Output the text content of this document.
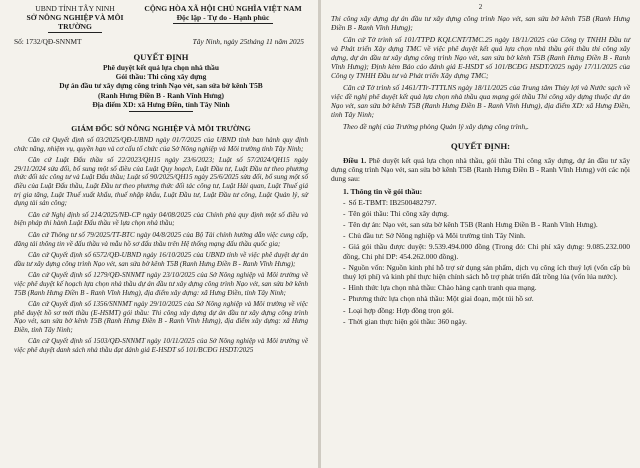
UBND TỈNH TÂY NINH
SỞ NÔNG NGHIỆP VÀ MÔI TRƯỜNG
CỘNG HÒA XÃ HỘI CHỦ NGHĨA VIỆT NAM
Độc lập - Tự do - Hạnh phúc
Số: 1732/QĐ-SNNMT	Tây Ninh, ngày 25tháng 11 năm 2025
QUYẾT ĐỊNH
Phê duyệt kết quả lựa chọn nhà thầu
Gói thầu: Thi công xây dựng
Dự án đầu tư xây dựng công trình Nạo vét, san sửa bờ kênh T5B
(Ranh Hưng Điền B - Ranh Vĩnh Hưng)
Địa điểm XD: xã Hưng Điền, tỉnh Tây Ninh
GIÁM ĐỐC SỞ NÔNG NGHIỆP VÀ MÔI TRƯỜNG

Căn cứ Quyết định số 03/2025/QĐ-UBND ngày 01/7/2025 của UBND tỉnh ban hành quy định chức năng, nhiệm vụ, quyền hạn và cơ cấu tổ chức của Sở Nông nghiệp và Môi trường tỉnh Tây Ninh;

Căn cứ Luật Đấu thầu số 22/2023/QH15 ngày 23/6/2023; Luật số 57/2024/QH15 ngày 29/11/2024 sửa đổi, bổ sung một số điều của Luật Quy hoạch, Luật Đầu tư, Luật Đầu tư theo phương thức đối tác công tư và Luật Đấu thầu; Luật số 90/2025/QH15 ngày 25/6/2025 sửa đổi, bổ sung một số điều của Luật Đấu thầu, Luật Đầu tư theo phương thức đối tác công tư, Luật Hải quan, Luật Thuế giá trị gia tăng, Luật Thuế xuất khẩu, thuế nhập khẩu, Luật Đầu tư, Luật Đầu tư công, Luật Quản lý, sử dụng tài sản công;

Căn cứ Nghị định số 214/2025/NĐ-CP ngày 04/08/2025 của Chính phủ quy định một số điều và biện pháp thi hành Luật Đấu thầu về lựa chọn nhà thầu;

Căn cứ Thông tư số 79/2025/TT-BTC ngày 04/8/2025 của Bộ Tài chính hướng dẫn việc cung cấp, đăng tải thông tin về đấu thầu và mẫu hồ sơ đấu thầu trên Hệ thống mạng đấu thầu quốc gia;

Căn cứ Quyết định số 6572/QĐ-UBND ngày 16/10/2025 của UBND tỉnh về việc phê duyệt dự án đầu tư xây dựng công trình Nạo vét, san sửa bờ kênh T5B (Ranh Hưng Điền B - Ranh Vĩnh Hưng);

Căn cứ Quyết định số 1279/QĐ-SNNMT ngày 23/10/2025 của Sở Nông nghiệp và Môi trường về việc phê duyệt kế hoạch lựa chọn nhà thầu dự án đầu tư xây dựng công trình Nạo vét, san sửa bờ kênh T5B (Ranh Hưng Điền B - Ranh Vĩnh Hưng), địa điểm xây dựng: xã Hưng Điền, tỉnh Tây Ninh;

Căn cứ Quyết định số 1356/SNNMT ngày 29/10/2025 của Sở Nông nghiệp và Môi trường về việc phê duyệt hồ sơ mời thầu (E-HSMT) gói thầu: Thi công xây dựng dự án đầu tư xây dựng công trình Nạo vét, san sửa bờ kênh T5B (Ranh Hưng Điền B - Ranh Vĩnh Hưng), địa điểm xây dựng: xã Hưng Điền, tỉnh Tây Ninh;

Căn cứ Quyết định số 1503/QĐ-SNNMT ngày 10/11/2025 của Sở Nông nghiệp và Môi trường về việc phê duyệt danh sách nhà thầu đạt đánh giá E-HSDT số 101/BCĐG HSDT/2025

2

Thi công xây dựng dự án đầu tư xây dựng công trình Nạo vét, san sửa bờ kênh T5B (Ranh Hưng Điền B - Ranh Vĩnh Hưng);

Căn cứ Tờ trình số 101/TTPD KQLCNT/TMC.25 ngày 18/11/2025 của Công ty TNHH Đầu tư và Phát triển Xây dựng TMC về việc phê duyệt kết quả lựa chọn nhà thầu gói thầu thi công xây dựng, dự án đầu tư xây dựng công trình Nạo vét, san sửa bờ kênh T5B (Ranh Hưng Điền B - Ranh Vĩnh Hưng); Định kèm Báo cáo đánh giá E-HSDT số 101/BCĐG HSDT/2025 ngày 17/11/2025 của Công ty TNHH Đầu tư và Phát triển Xây dựng TMC;

Căn cứ Tờ trình số 1461/TTr-TTTLNS ngày 18/11/2025 của Trung tâm Thủy lợi và Nước sạch về việc đề nghị phê duyệt kết quả lựa chọn nhà thầu qua mạng gói thầu Thi công xây dựng thuộc dự án Nạo vét, san sửa bờ kênh T5B (Ranh Hưng Điền B - Ranh Vĩnh Hưng), địa điểm XD: xã Hưng Điền, tỉnh Tây Ninh;

Theo đề nghị của Trưởng phòng Quản lý xây dựng công trình,.

QUYẾT ĐỊNH:

Điều 1. Phê duyệt kết quả lựa chọn nhà thầu, gói thầu Thi công xây dựng, dự án đầu tư xây dựng công trình Nạo vét, san sửa bờ kênh T5B (Ranh Hưng Điền B - Ranh Vĩnh Hưng) với các nội dung sau:

1. Thông tin về gói thầu:

- Số E-TBMT: IB2500482797.

- Tên gói thầu: Thi công xây dựng.

- Tên dự án: Nạo vét, san sửa bờ kênh T5B (Ranh Hưng Điền B - Ranh Vĩnh Hưng).

- Chủ đầu tư: Sở Nông nghiệp và Môi trường tỉnh Tây Ninh.

- Giá gói thầu được duyệt: 9.539.494.000 đồng (Trong đó: Chi phí xây dựng: 9.085.232.000 đồng, Chi phí DP: 454.262.000 đồng).

- Nguồn vốn: Nguồn kinh phí hỗ trợ sử dụng sản phẩm, dịch vụ công ích thuỷ lợi (vốn cấp bù thuỷ lợi phí) và kinh phí thực hiện chính sách hỗ trợ phát triển đất trồng lúa (vốn lúa nước).

- Hình thức lựa chọn nhà thầu: Chào hàng cạnh tranh qua mạng.

- Phương thức lựa chọn nhà thầu: Một giai đoạn, một túi hồ sơ.

- Loại hợp đồng: Hợp đồng trọn gói.

- Thời gian thực hiện gói thầu: 360 ngày.
